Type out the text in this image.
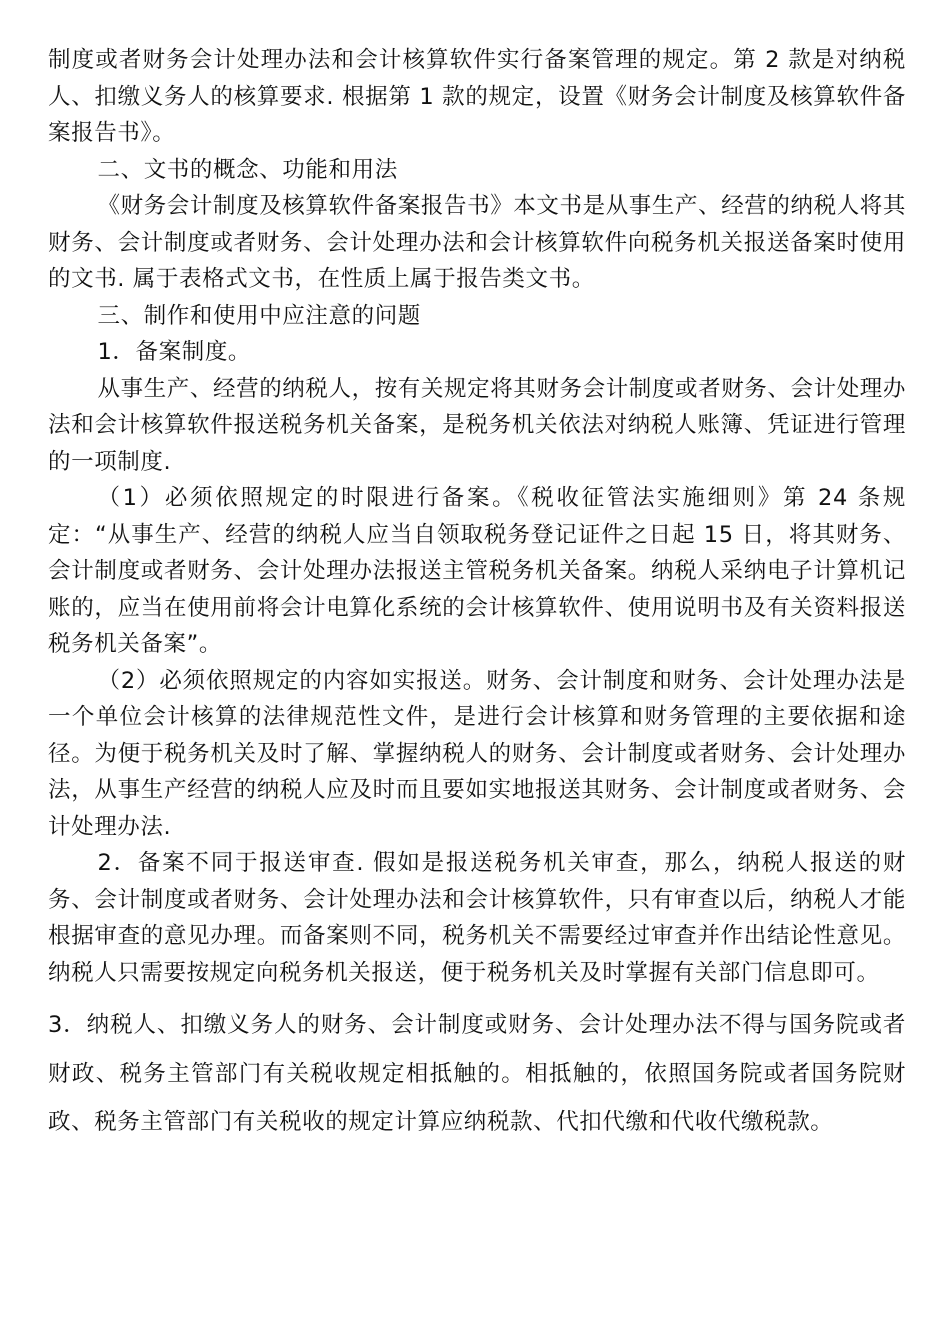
制度或者财务会计处理办法和会计核算软件实行备案管理的规定。第 2 款是对纳税人、扣缴义务人的核算要求. 根据第 1 款的规定，设置《财务会计制度及核算软件备案报告书》。

二、文书的概念、功能和用法

《财务会计制度及核算软件备案报告书》本文书是从事生产、经营的纳税人将其财务、会计制度或者财务、会计处理办法和会计核算软件向税务机关报送备案时使用的文书. 属于表格式文书，在性质上属于报告类文书。

三、制作和使用中应注意的问题

1．备案制度。

从事生产、经营的纳税人，按有关规定将其财务会计制度或者财务、会计处理办法和会计核算软件报送税务机关备案，是税务机关依法对纳税人账簿、凭证进行管理的一项制度.

（1）必须依照规定的时限进行备案。《税收征管法实施细则》第 24 条规定：“从事生产、经营的纳税人应当自领取税务登记证件之日起 15 日，将其财务、会计制度或者财务、会计处理办法报送主管税务机关备案。纳税人采纳电子计算机记账的，应当在使用前将会计电算化系统的会计核算软件、使用说明书及有关资料报送税务机关备案”。

（2）必须依照规定的内容如实报送。财务、会计制度和财务、会计处理办法是一个单位会计核算的法律规范性文件，是进行会计核算和财务管理的主要依据和途径。为便于税务机关及时了解、掌握纳税人的财务、会计制度或者财务、会计处理办法，从事生产经营的纳税人应及时而且要如实地报送其财务、会计制度或者财务、会计处理办法.

2．备案不同于报送审查. 假如是报送税务机关审查，那么，纳税人报送的财务、会计制度或者财务、会计处理办法和会计核算软件，只有审查以后，纳税人才能根据审查的意见办理。而备案则不同，税务机关不需要经过审查并作出结论性意见。纳税人只需要按规定向税务机关报送，便于税务机关及时掌握有关部门信息即可。

3．纳税人、扣缴义务人的财务、会计制度或财务、会计处理办法不得与国务院或者财政、税务主管部门有关税收规定相抵触的。相抵触的，依照国务院或者国务院财政、税务主管部门有关税收的规定计算应纳税款、代扣代缴和代收代缴税款。
